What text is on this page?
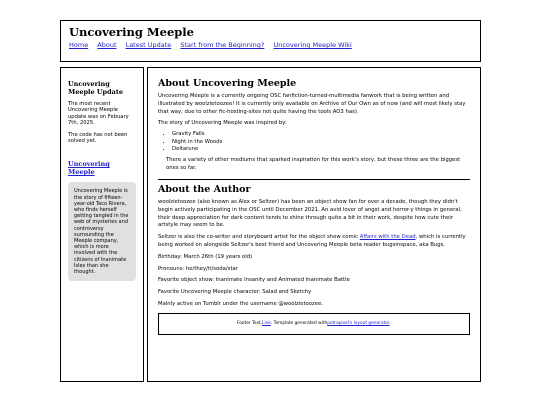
Uncovering Meeple
Home About Latest Update Start from the Beginning? Uncovering Meeple Wiki
Uncovering Meeple Update
The most recent Uncovering Meeple update was on Febuary 7th, 2025.
The code has not been solved yet.
Uncovering Meeple
Uncovering Meeple is the story of fifteen-year-old Taco Rivera, who finds herself getting tangled in the web of mysteries and controversy surrounding the Meeple company, which is more involved with the citizens of Inanimate Isles than she thought.
About Uncovering Meeple
Uncovering Meeple is a currently ongoing OSC fanfiction-turned-multimedia fanwork that is being written and illustrated by woolzietoozee! It is currently only available on Archive of Our Own as of now (and will most likely stay that way, due to other fic-hosting-sites not quite having the tools AO3 has).
The story of Uncovering Meeple was inspired by:
• Gravity Falls
• Night in the Woods
• Deltarune
There a variety of other mediums that sparked inspiration for this work's story, but these three are the biggest ones so far.
About the Author
woolzietoozee (also known as Alex or Seltzer) has been an object show fan for over a decade, though they didn't begin actively participating in the OSC until December 2021. An avid lover of angst and horror-y things in general, their deep appreciation for dark content tends to shine through quite a bit in their work, despite how cute their artstyle may seem to be.
Seltzer is also the co-writer and storyboard artist for the object show comic Affairs with the Dead, which is currently being worked on alongside Seltzer's best friend and Uncovering Meeple beta reader bugsinspace, aka Bugs.
Birthday: March 26th (19 years old)
Pronouns: he/they/it/soda/star
Favorite object show: Inanimate Insanity and Animated Inanimate Battle
Favorite Uncovering Meeple character: Salad and Sketchy
Mainly active on Tumblr under the username @woolzietoozee.
Footer Text. Link . Template generated with petrapixel's layout generator .
